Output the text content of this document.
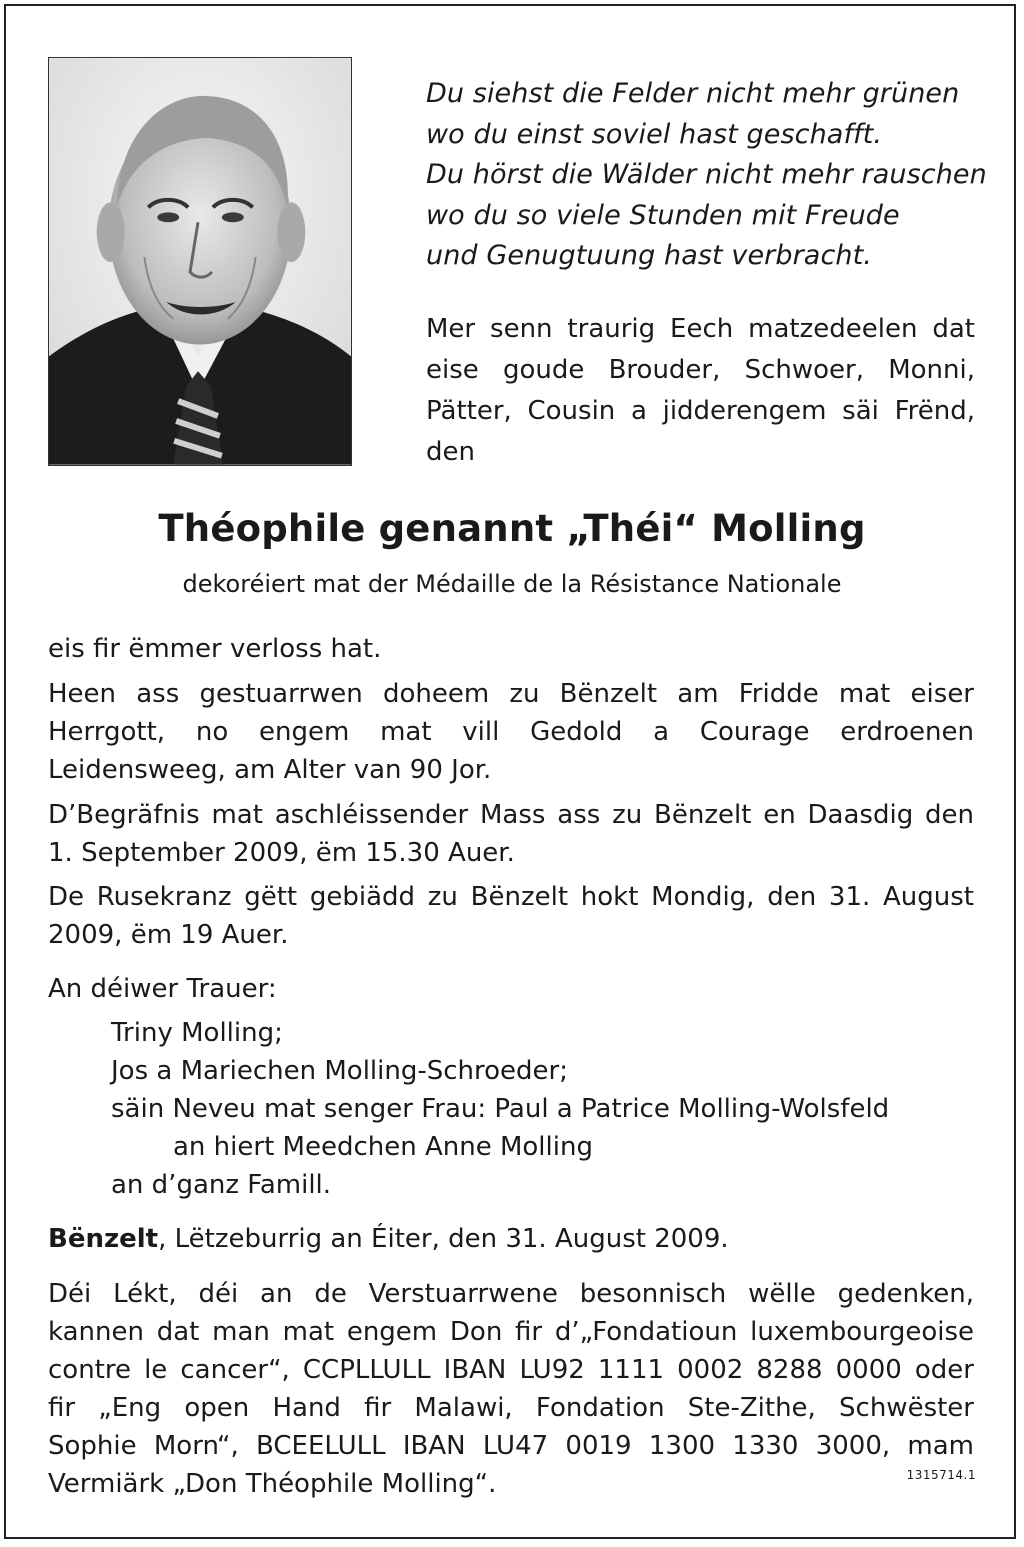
Du siehst die Felder nicht mehr grünen
wo du einst soviel hast geschafft.
Du hörst die Wälder nicht mehr rauschen
wo du so viele Stunden mit Freude
und Genugtuung hast verbracht.
Mer senn traurig Eech matzedeelen dat
eise goude Brouder, Schwoer, Monni,
Pätter, Cousin a jidderengem säi Frënd,
den
Théophile genannt „Théi“ Molling

dekoréiert mat der Médaille de la Résistance Nationale

eis fir ëmmer verloss hat.

Heen ass gestuarrwen doheem zu Bënzelt am Fridde mat eiser
Herrgott, no engem mat vill Gedold a Courage erdroenen
Leidensweeg, am Alter van 90 Jor.
D’Begräfnis mat aschléissender Mass ass zu Bënzelt en Daasdig den
1. September 2009, ëm 15.30 Auer.
De Rusekranz gëtt gebiädd zu Bënzelt hokt Mondig, den 31. August
2009, ëm 19 Auer.

An déiwer Trauer:

Triny Molling;
Jos a Mariechen Molling-Schroeder;
säin Neveu mat senger Frau: Paul a Patrice Molling-Wolsfeld
an hiert Meedchen Anne Molling
an d’ganz Famill.

Bënzelt, Lëtzeburrig an Éiter, den 31. August 2009.

Déi Lékt, déi an de Verstuarrwene besonnisch wëlle gedenken,
kannen dat man mat engem Don fir d’„Fondatioun luxembourgeoise
contre le cancer“, CCPLLULL IBAN LU92 1111 0002 8288 0000 oder
fir „Eng open Hand fir Malawi, Fondation Ste-Zithe, Schwëster
Sophie Morn“, BCEELULL IBAN LU47 0019 1300 1330 3000, mam
Vermiärk „Don Théophile Molling“.	1315714.1
